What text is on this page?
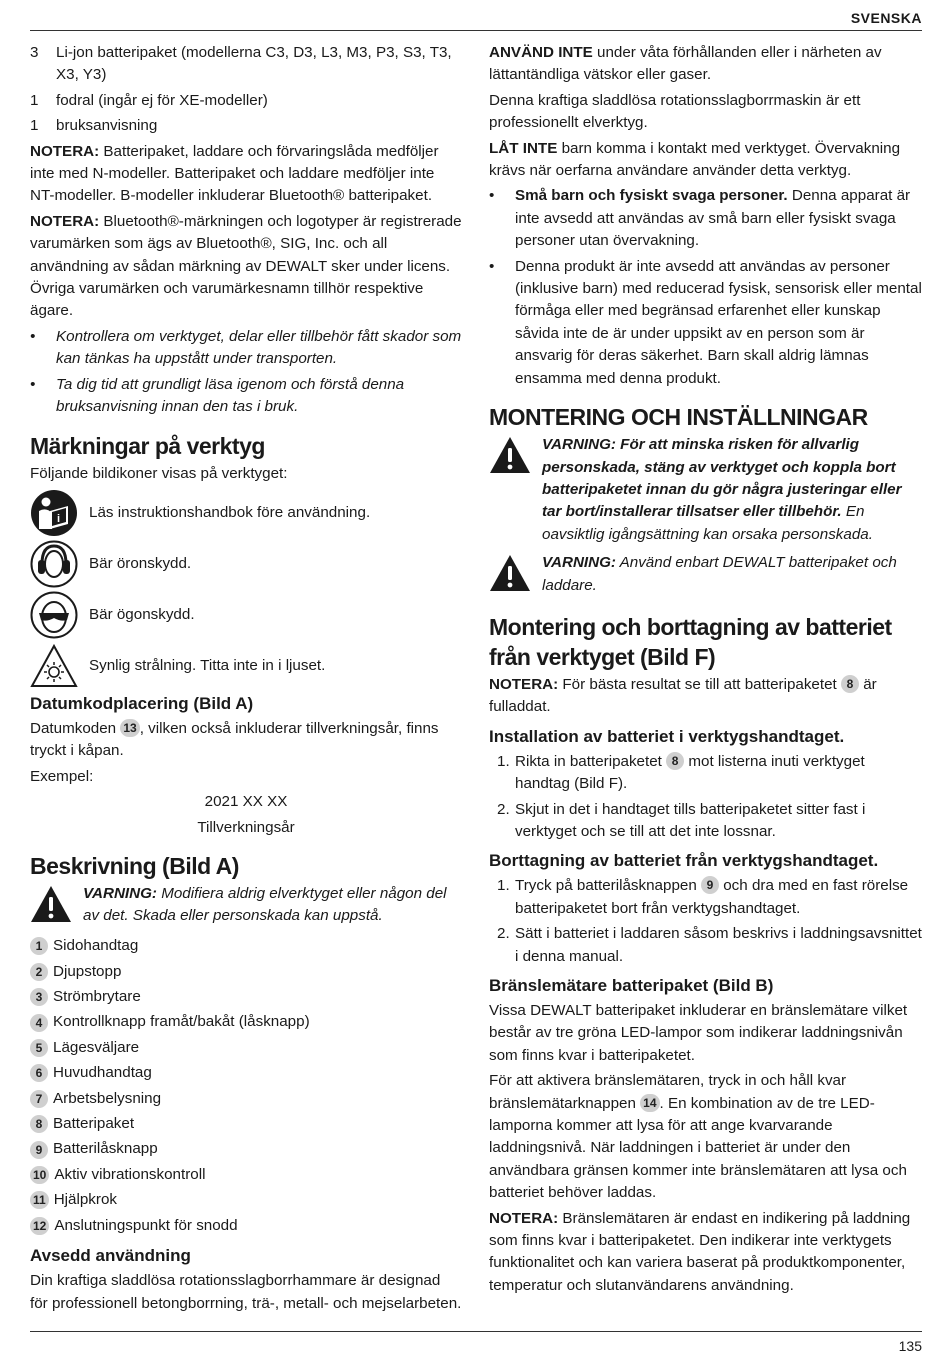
SVENSKA
3	Li-jon batteripaket (modellerna C3, D3, L3, M3, P3, S3, T3, X3, Y3)
1	fodral (ingår ej för XE-modeller)
1	bruksanvisning

NOTERA: Batteripaket, laddare och förvaringslåda medföljer inte med N-modeller. Batteripaket och laddare medföljer inte NT-modeller. B-modeller inkluderar Bluetooth® batteripaket.

NOTERA: Bluetooth®-märkningen och logotyper är registrerade varumärken som ägs av Bluetooth®, SIG, Inc. och all användning av sådan märkning av DEWALT sker under licens. Övriga varumärken och varumärkesnamn tillhör respektive ägare.

•	Kontrollera om verktyget, delar eller tillbehör fått skador som kan tänkas ha uppstått under transporten.
•	Ta dig tid att grundligt läsa igenom och förstå denna bruksanvisning innan den tas i bruk.
Märkningar på verktyg

Följande bildikoner visas på verktyget:

i Läs instruktionshandbok före användning.
Bär öronskydd.
Bär ögonskydd.
Synlig strålning. Titta inte in i ljuset.
Datumkodplacering (Bild A)

Datumkoden 13 , vilken också inkluderar tillverkningsår, finns tryckt i kåpan.

Exempel:

2021 XX XX

Tillverkningsår

Beskrivning (Bild A)

VARNING: Modifiera aldrig elverktyget eller någon del av det. Skada eller personskada kan uppstå.

1 Sidohandtag
2 Djupstopp
3 Strömbrytare
4 Kontrollknapp framåt/bakåt (låsknapp)
5 Lägesväljare
6 Huvudhandtag
7 Arbetsbelysning
8 Batteripaket
9 Batterilåsknapp
10 Aktiv vibrationskontroll
11 Hjälpkrok
12 Anslutningspunkt för snodd
Avsedd användning

Din kraftiga sladdlösa rotationsslagborrhammare är designad för professionell betongborrning, trä-, metall- och mejselarbeten.

ANVÄND INTE under våta förhållanden eller i närheten av lättantändliga vätskor eller gaser.

Denna kraftiga sladdlösa rotationsslagborrmaskin är ett professionellt elverktyg.

LÅT INTE barn komma i kontakt med verktyget. Övervakning krävs när oerfarna användare använder detta verktyg.

•	Små barn och fysiskt svaga personer. Denna apparat är inte avsedd att användas av små barn eller fysiskt svaga personer utan övervakning.
•	Denna produkt är inte avsedd att användas av personer (inklusive barn) med reducerad fysisk, sensorisk eller mental förmåga eller med begränsad erfarenhet eller kunskap såvida inte de är under uppsikt av en person som är ansvarig för deras säkerhet. Barn skall aldrig lämnas ensamma med denna produkt.
MONTERING OCH INSTÄLLNINGAR

VARNING: För att minska risken för allvarlig personskada, stäng av verktyget och koppla bort batteripaketet innan du gör några justeringar eller tar bort/installerar tillsatser eller tillbehör. En oavsiktlig igångsättning kan orsaka personskada.

VARNING: Använd enbart DEWALT batteripaket och laddare.

Montering och borttagning av batteriet från verktyget (Bild F)

NOTERA: För bästa resultat se till att batteripaketet 8 är fulladdat.

Installation av batteriet i verktygshandtaget.
1. Rikta in batteripaketet 8 mot listerna inuti verktyget handtag (Bild F).
2. Skjut in det i handtaget tills batteripaketet sitter fast i verktyget och se till att det inte lossnar.
Borttagning av batteriet från verktygshandtaget.
1. Tryck på batterilåsknappen 9 och dra med en fast rörelse batteripaketet bort från verktygshandtaget.
2. Sätt i batteriet i laddaren såsom beskrivs i laddningsavsnittet i denna manual.
Bränslemätare batteripaket (Bild B)

Vissa DEWALT batteripaket inkluderar en bränslemätare vilket består av tre gröna LED-lampor som indikerar laddningsnivån som finns kvar i batteripaketet.

För att aktivera bränslemätaren, tryck in och håll kvar bränslemätarknappen 14 . En kombination av de tre LED-lamporna kommer att lysa för att ange kvarvarande laddningsnivå. När laddningen i batteriet är under den användbara gränsen kommer inte bränslemätaren att lysa och batteriet behöver laddas.

NOTERA: Bränslemätaren är endast en indikering på laddning som finns kvar i batteripaketet. Den indikerar inte verktygets funktionalitet och kan variera baserat på produktkomponenter, temperatur och slutanvändarens användning.

135
